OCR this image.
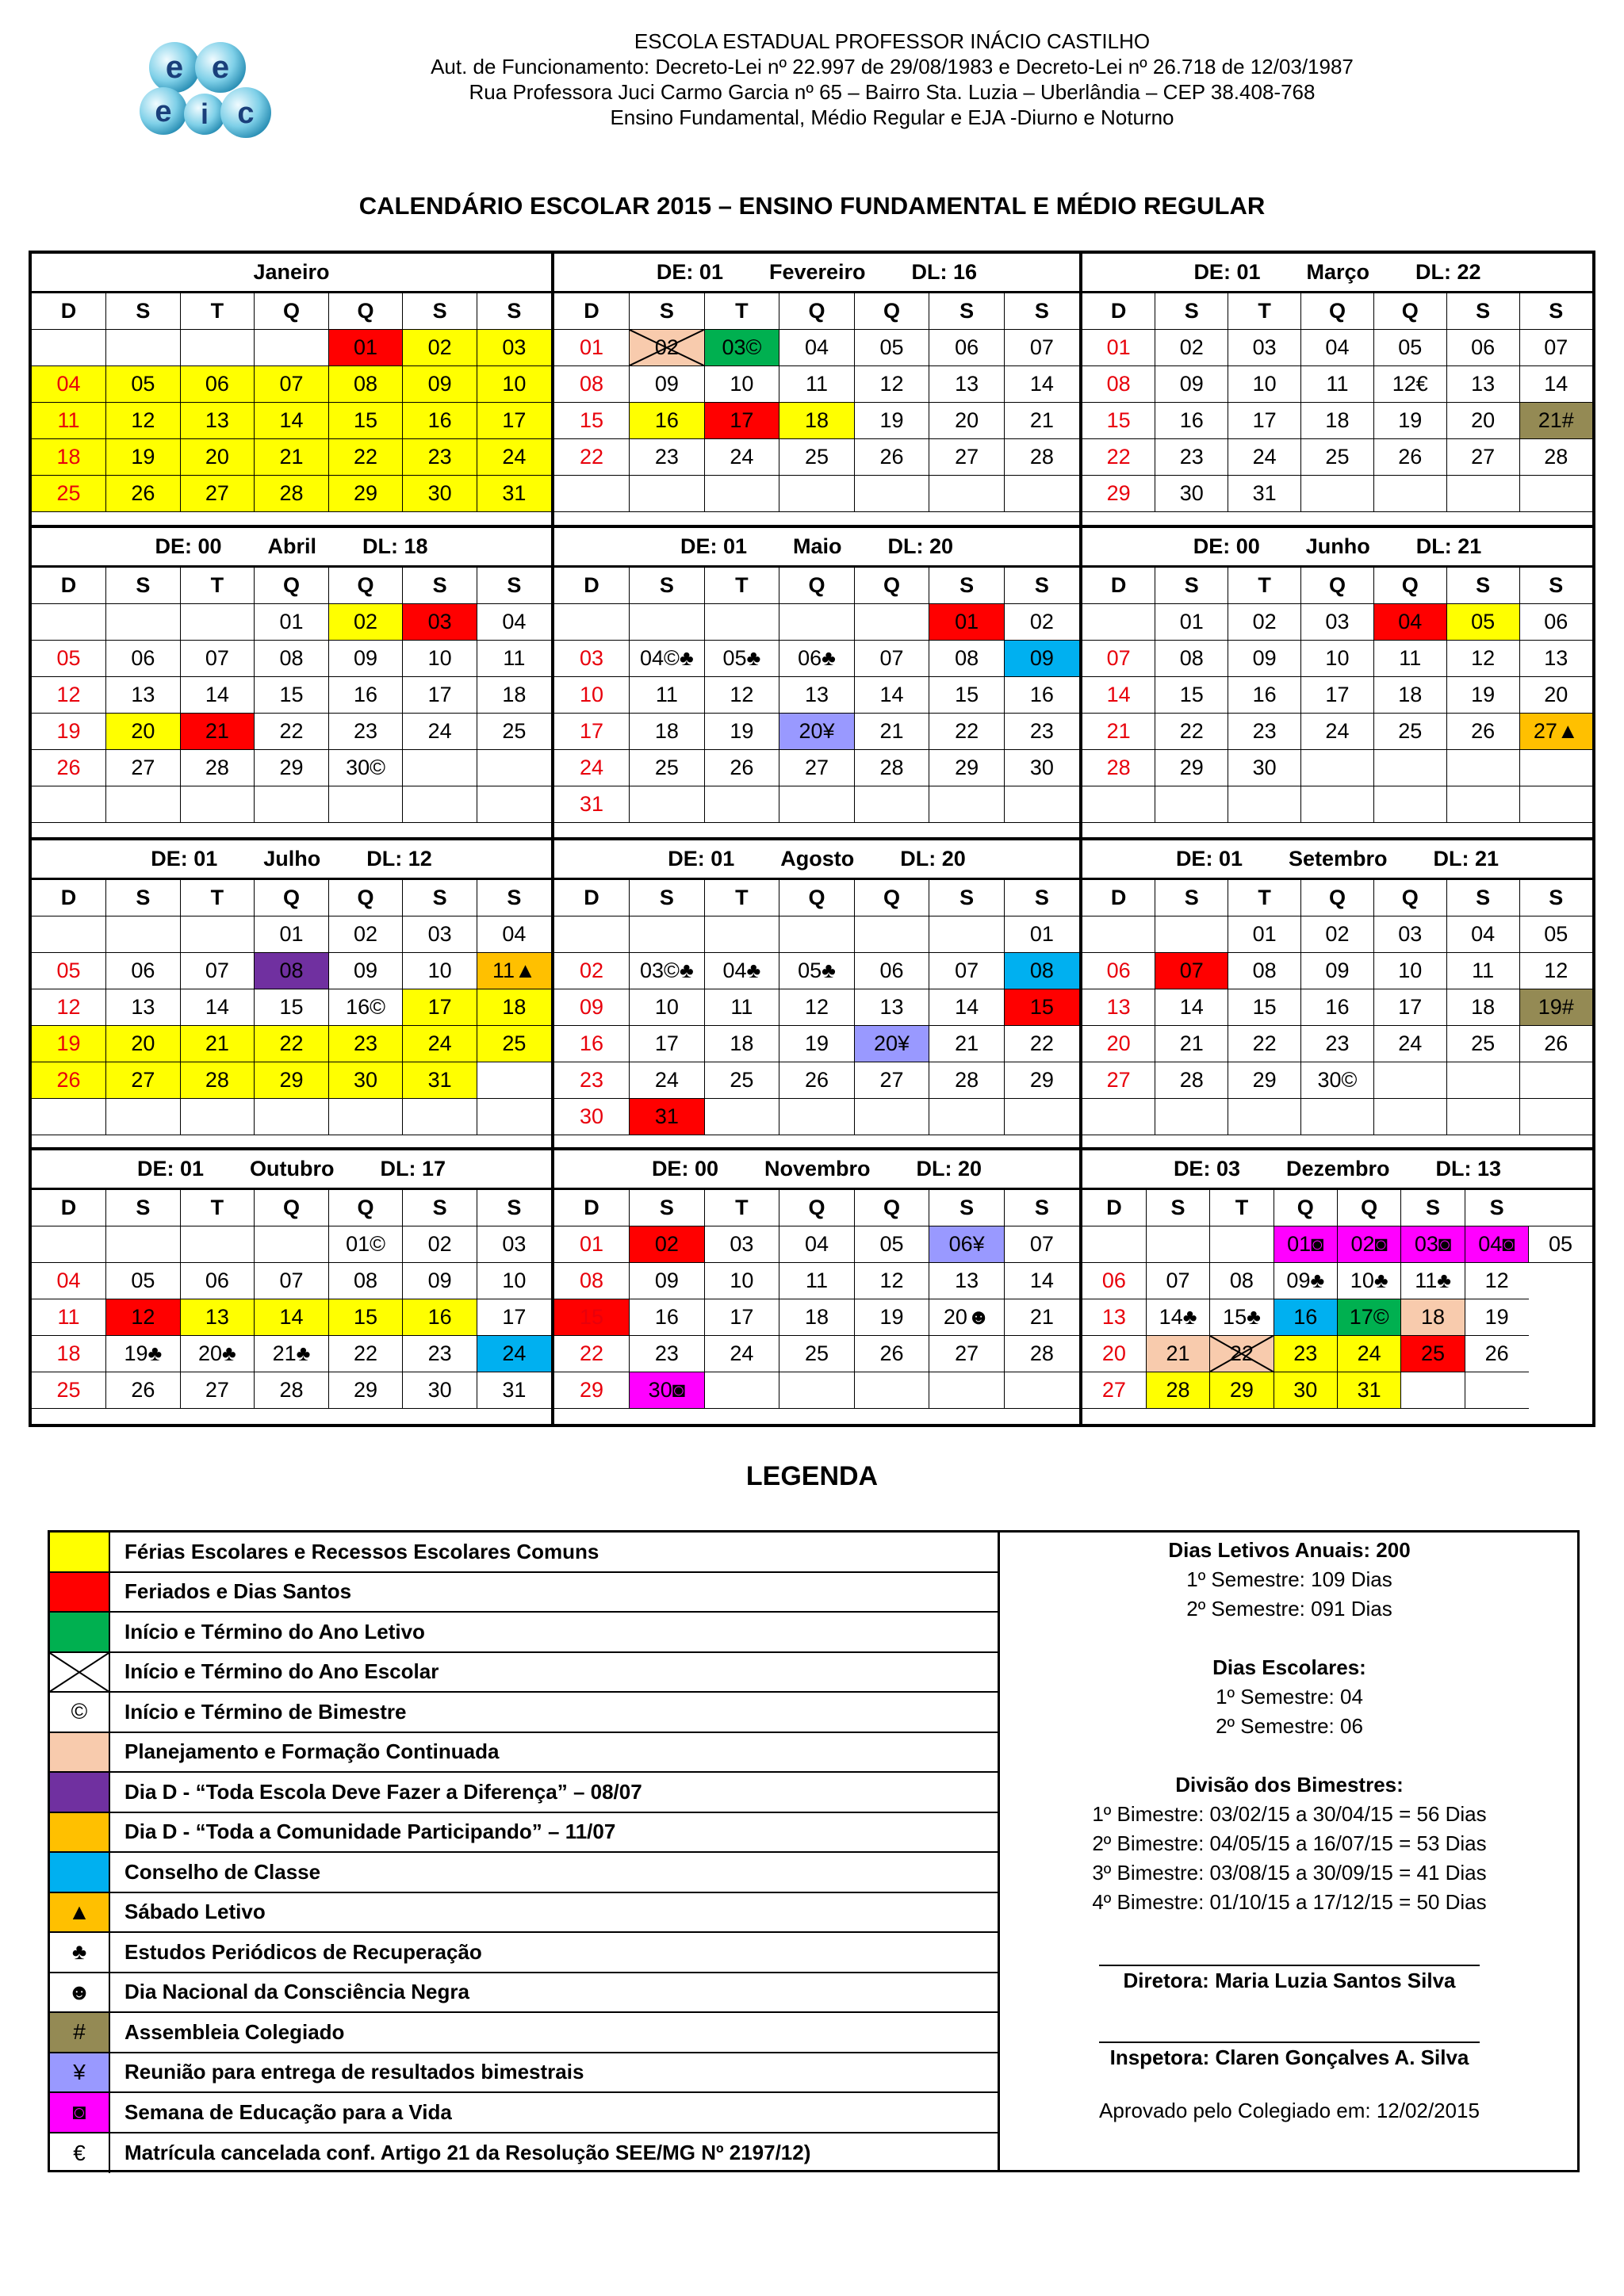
e e
e i c
ESCOLA ESTADUAL PROFESSOR INÁCIO CASTILHO
Aut. de Funcionamento: Decreto-Lei nº 22.997 de 29/08/1983 e Decreto-Lei nº 26.718 de 12/03/1987
Rua Professora Juci Carmo Garcia nº 65 – Bairro Sta. Luzia – Uberlândia – CEP 38.408-768
Ensino Fundamental, Médio Regular e EJA -Diurno e Noturno
CALENDÁRIO ESCOLAR 2015 – ENSINO FUNDAMENTAL E MÉDIO REGULAR
Janeiro
D	S	T	Q	Q	S	S
				01	02	03
04	05	06	07	08	09	10
11	12	13	14	15	16	17
18	19	20	21	22	23	24
25	26	27	28	29	30	31
DE: 01 Fevereiro DL: 16
D	S	T	Q	Q	S	S
01	02	03©	04	05	06	07
08	09	10	11	12	13	14
15	16	17	18	19	20	21
22	23	24	25	26	27	28

DE: 01 Março DL: 22
D	S	T	Q	Q	S	S
01	02	03	04	05	06	07
08	09	10	11	12€	13	14
15	16	17	18	19	20	21#
22	23	24	25	26	27	28
29	30	31				
DE: 00 Abril DL: 18
D	S	T	Q	Q	S	S
			01	02	03	04
05	06	07	08	09	10	11
12	13	14	15	16	17	18
19	20	21	22	23	24	25
26	27	28	29	30©		

DE: 01 Maio DL: 20
D	S	T	Q	Q	S	S
					01	02
03	04©♣	05♣	06♣	07	08	09
10	11	12	13	14	15	16
17	18	19	20¥	21	22	23
24	25	26	27	28	29	30
31						
DE: 00 Junho DL: 21
D	S	T	Q	Q	S	S
	01	02	03	04	05	06
07	08	09	10	11	12	13
14	15	16	17	18	19	20
21	22	23	24	25	26	27▲
28	29	30				

DE: 01 Julho DL: 12
D	S	T	Q	Q	S	S
			01	02	03	04
05	06	07	08	09	10	11▲
12	13	14	15	16©	17	18
19	20	21	22	23	24	25
26	27	28	29	30	31	

DE: 01 Agosto DL: 20
D	S	T	Q	Q	S	S
						01
02	03©♣	04♣	05♣	06	07	08
09	10	11	12	13	14	15
16	17	18	19	20¥	21	22
23	24	25	26	27	28	29
30	31					
DE: 01 Setembro DL: 21
D	S	T	Q	Q	S	S
		01	02	03	04	05
06	07	08	09	10	11	12
13	14	15	16	17	18	19#
20	21	22	23	24	25	26
27	28	29	30©			

DE: 01 Outubro DL: 17
D	S	T	Q	Q	S	S
				01©	02	03
04	05	06	07	08	09	10
11	12	13	14	15	16	17
18	19♣	20♣	21♣	22	23	24
25	26	27	28	29	30	31
DE: 00 Novembro DL: 20
D	S	T	Q	Q	S	S
01	02	03	04	05	06¥	07
08	09	10	11	12	13	14
15	16	17	18	19	20☻	21
22	23	24	25	26	27	28
29	30◙					
DE: 03 Dezembro DL: 13
D	S	T	Q	Q	S	S	
			01◙	02◙	03◙	04◙	05
06	07	08	09♣	10♣	11♣	12	
13	14♣	15♣	16	17©	18	19	
20	21	22	23	24	25	26	
27	28	29	30	31			
LEGENDA
Férias Escolares e Recessos Escolares Comuns
Feriados e Dias Santos
Início e Término do Ano Letivo
Início e Término do Ano Escolar
©	Início e Término de Bimestre
Planejamento e Formação Continuada
Dia D - “Toda Escola Deve Fazer a Diferença” – 08/07
Dia D - “Toda a Comunidade Participando” – 11/07
Conselho de Classe
▲	Sábado Letivo
♣	Estudos Periódicos de Recuperação
☻	Dia Nacional da Consciência Negra
#	Assembleia Colegiado
¥	Reunião para entrega de resultados bimestrais
◙	Semana de Educação para a Vida
€	Matrícula cancelada conf. Artigo 21 da Resolução SEE/MG Nº 2197/12)
Dias Letivos Anuais: 200
1º Semestre: 109 Dias
2º Semestre: 091 Dias
Dias Escolares:
1º Semestre: 04
2º Semestre: 06
Divisão dos Bimestres:
1º Bimestre: 03/02/15 a 30/04/15 = 56 Dias
2º Bimestre: 04/05/15 a 16/07/15 = 53 Dias
3º Bimestre: 03/08/15 a 30/09/15 = 41 Dias
4º Bimestre: 01/10/15 a 17/12/15 = 50 Dias
Diretora: Maria Luzia Santos Silva
Inspetora: Claren Gonçalves A. Silva
Aprovado pelo Colegiado em: 12/02/2015
